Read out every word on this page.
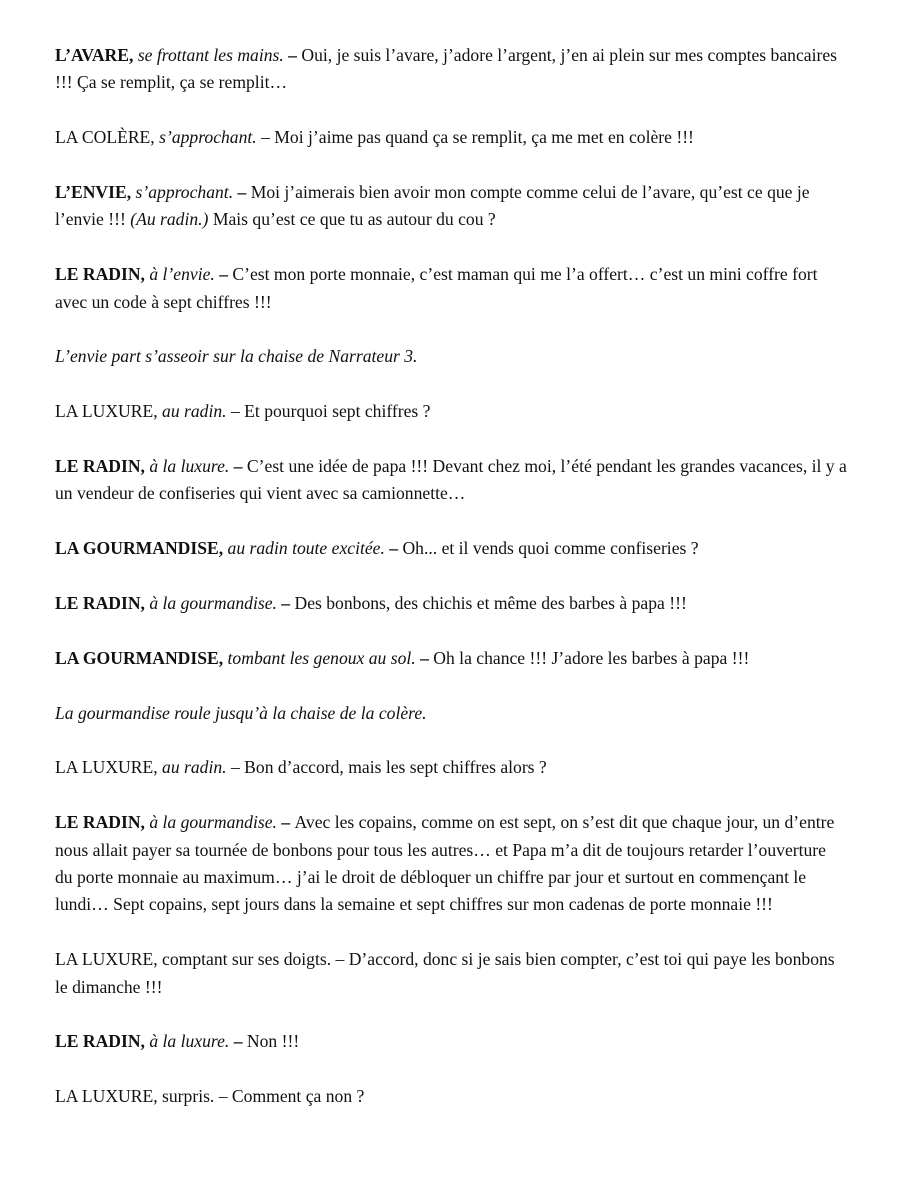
L’AVARE, se frottant les mains. – Oui, je suis l’avare, j’adore l’argent, j’en ai plein sur mes comptes bancaires !!! Ça se remplit, ça se remplit…

LA COLÈRE, s’approchant. – Moi j’aime pas quand ça se remplit, ça me met en colère !!!

L’ENVIE, s’approchant. – Moi j’aimerais bien avoir mon compte comme celui de l’avare, qu’est ce que je l’envie !!! (Au radin.) Mais qu’est ce que tu as autour du cou ?

LE RADIN, à l’envie. – C’est mon porte monnaie, c’est maman qui me l’a offert… c’est un mini coffre fort avec un code à sept chiffres !!!

L’envie part s’asseoir sur la chaise de Narrateur 3.

LA LUXURE, au radin. – Et pourquoi sept chiffres ?

LE RADIN, à la luxure. – C’est une idée de papa !!! Devant chez moi, l’été pendant les grandes vacances, il y a un vendeur de confiseries qui vient avec sa camionnette…

LA GOURMANDISE, au radin toute excitée. – Oh... et il vends quoi comme confiseries ?

LE RADIN, à la gourmandise. – Des bonbons, des chichis et même des barbes à papa !!!

LA GOURMANDISE, tombant les genoux au sol. – Oh la chance !!! J’adore les barbes à papa !!!

La gourmandise roule jusqu’à la chaise de la colère.

LA LUXURE, au radin. – Bon d’accord, mais les sept chiffres alors ?

LE RADIN, à la gourmandise. – Avec les copains, comme on est sept, on s’est dit que chaque jour, un d’entre nous allait payer sa tournée de bonbons pour tous les autres… et Papa m’a dit de toujours retarder l’ouverture du porte monnaie au maximum… j’ai le droit de débloquer un chiffre par jour et surtout en commençant le lundi… Sept copains, sept jours dans la semaine et sept chiffres sur mon cadenas de porte monnaie !!!

LA LUXURE, comptant sur ses doigts. – D’accord, donc si je sais bien compter, c’est toi qui paye les bonbons le dimanche !!!

LE RADIN, à la luxure. – Non !!!

LA LUXURE, surpris. – Comment ça non ?
